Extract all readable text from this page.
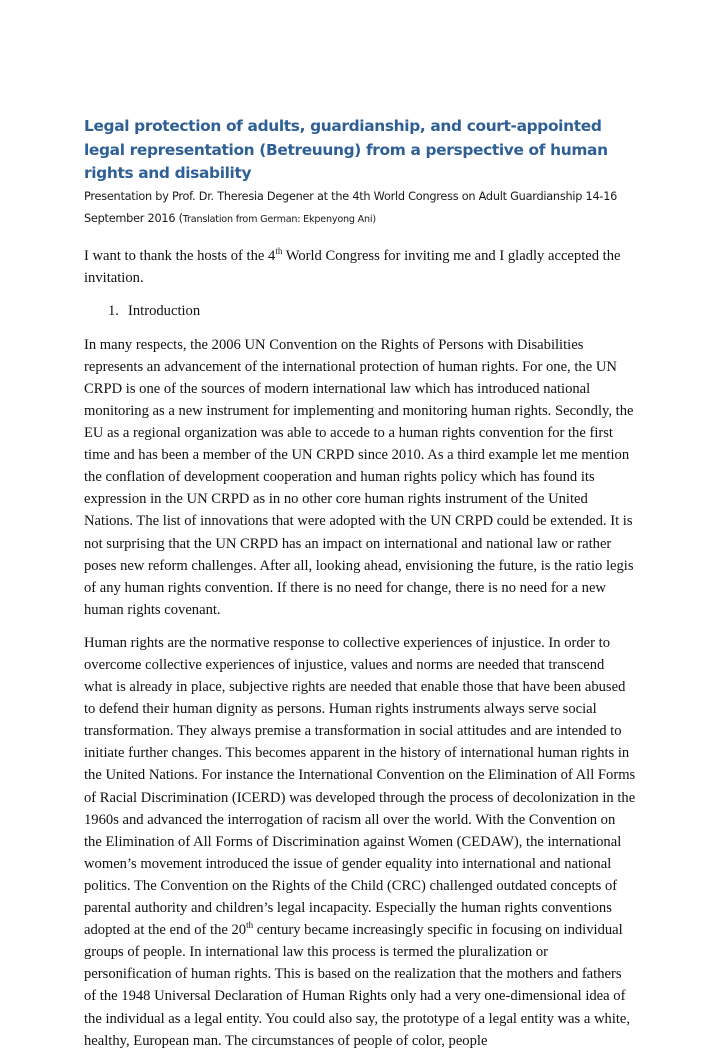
Legal protection of adults, guardianship, and court-appointed legal representation (Betreuung) from a perspective of human rights and disability

Presentation by Prof. Dr. Theresia Degener at the 4th World Congress on Adult Guardianship 14-16 September 2016 (Translation from German: Ekpenyong Ani)

I want to thank the hosts of the 4th World Congress for inviting me and I gladly accepted the invitation.

1. Introduction

In many respects, the 2006 UN Convention on the Rights of Persons with Disabilities represents an advancement of the international protection of human rights. For one, the UN CRPD is one of the sources of modern international law which has introduced national monitoring as a new instrument for implementing and monitoring human rights. Secondly, the EU as a regional organization was able to accede to a human rights convention for the first time and has been a member of the UN CRPD since 2010. As a third example let me mention the conflation of development cooperation and human rights policy which has found its expression in the UN CRPD as in no other core human rights instrument of the United Nations. The list of innovations that were adopted with the UN CRPD could be extended. It is not surprising that the UN CRPD has an impact on international and national law or rather poses new reform challenges. After all, looking ahead, envisioning the future, is the ratio legis of any human rights convention. If there is no need for change, there is no need for a new human rights covenant.

Human rights are the normative response to collective experiences of injustice. In order to overcome collective experiences of injustice, values and norms are needed that transcend what is already in place, subjective rights are needed that enable those that have been abused to defend their human dignity as persons. Human rights instruments always serve social transformation. They always premise a transformation in social attitudes and are intended to initiate further changes. This becomes apparent in the history of international human rights in the United Nations. For instance the International Convention on the Elimination of All Forms of Racial Discrimination (ICERD) was developed through the process of decolonization in the 1960s and advanced the interrogation of racism all over the world. With the Convention on the Elimination of All Forms of Discrimination against Women (CEDAW), the international women’s movement introduced the issue of gender equality into international and national politics. The Convention on the Rights of the Child (CRC) challenged outdated concepts of parental authority and children’s legal incapacity. Especially the human rights conventions adopted at the end of the 20th century became increasingly specific in focusing on individual groups of people. In international law this process is termed the pluralization or personification of human rights. This is based on the realization that the mothers and fathers of the 1948 Universal Declaration of Human Rights only had a very one-dimensional idea of the individual as a legal entity. You could also say, the prototype of a legal entity was a white, healthy, European man. The circumstances of people of color, people
